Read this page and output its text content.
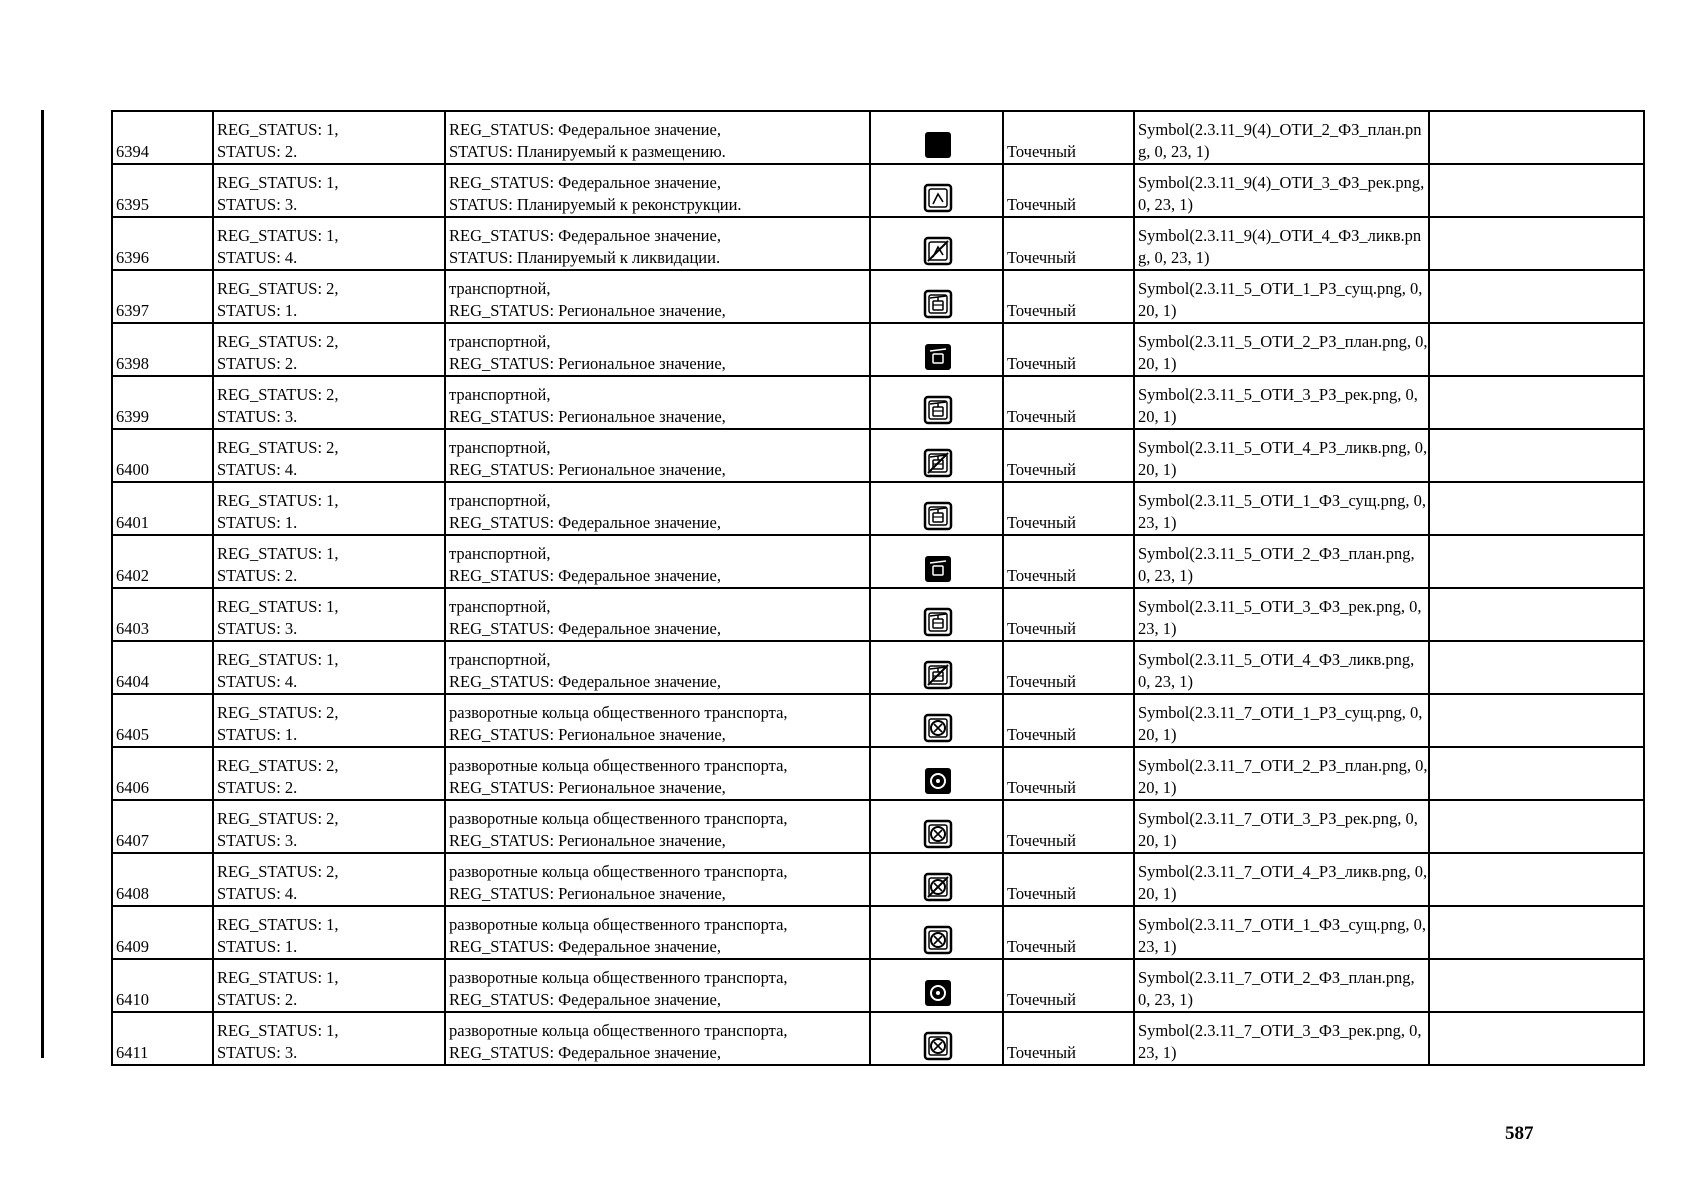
6394	REG_STATUS: 1,
STATUS: 2.	REG_STATUS: Федеральное значение,
STATUS: Планируемый к размещению.		Точечный	Symbol(2.3.11_9(4)_ОТИ_2_ФЗ_план.png, 0, 23, 1)	
6395	REG_STATUS: 1,
STATUS: 3.	REG_STATUS: Федеральное значение,
STATUS: Планируемый к реконструкции.		Точечный	Symbol(2.3.11_9(4)_ОТИ_3_ФЗ_рек.png, 0, 23, 1)	
6396	REG_STATUS: 1,
STATUS: 4.	REG_STATUS: Федеральное значение,
STATUS: Планируемый к ликвидации.		Точечный	Symbol(2.3.11_9(4)_ОТИ_4_ФЗ_ликв.png, 0, 23, 1)	
6397	REG_STATUS: 2,
STATUS: 1.	транспортной,
REG_STATUS: Региональное значение,		Точечный	Symbol(2.3.11_5_ОТИ_1_РЗ_сущ.png, 0, 20, 1)	
6398	REG_STATUS: 2,
STATUS: 2.	транспортной,
REG_STATUS: Региональное значение,		Точечный	Symbol(2.3.11_5_ОТИ_2_РЗ_план.png, 0, 20, 1)	
6399	REG_STATUS: 2,
STATUS: 3.	транспортной,
REG_STATUS: Региональное значение,		Точечный	Symbol(2.3.11_5_ОТИ_3_РЗ_рек.png, 0, 20, 1)	
6400	REG_STATUS: 2,
STATUS: 4.	транспортной,
REG_STATUS: Региональное значение,		Точечный	Symbol(2.3.11_5_ОТИ_4_РЗ_ликв.png, 0, 20, 1)	
6401	REG_STATUS: 1,
STATUS: 1.	транспортной,
REG_STATUS: Федеральное значение,		Точечный	Symbol(2.3.11_5_ОТИ_1_ФЗ_сущ.png, 0, 23, 1)	
6402	REG_STATUS: 1,
STATUS: 2.	транспортной,
REG_STATUS: Федеральное значение,		Точечный	Symbol(2.3.11_5_ОТИ_2_ФЗ_план.png, 0, 23, 1)	
6403	REG_STATUS: 1,
STATUS: 3.	транспортной,
REG_STATUS: Федеральное значение,		Точечный	Symbol(2.3.11_5_ОТИ_3_ФЗ_рек.png, 0, 23, 1)	
6404	REG_STATUS: 1,
STATUS: 4.	транспортной,
REG_STATUS: Федеральное значение,		Точечный	Symbol(2.3.11_5_ОТИ_4_ФЗ_ликв.png, 0, 23, 1)	
6405	REG_STATUS: 2,
STATUS: 1.	разворотные кольца общественного транспорта,
REG_STATUS: Региональное значение,		Точечный	Symbol(2.3.11_7_ОТИ_1_РЗ_сущ.png, 0, 20, 1)	
6406	REG_STATUS: 2,
STATUS: 2.	разворотные кольца общественного транспорта,
REG_STATUS: Региональное значение,		Точечный	Symbol(2.3.11_7_ОТИ_2_РЗ_план.png, 0, 20, 1)	
6407	REG_STATUS: 2,
STATUS: 3.	разворотные кольца общественного транспорта,
REG_STATUS: Региональное значение,		Точечный	Symbol(2.3.11_7_ОТИ_3_РЗ_рек.png, 0, 20, 1)	
6408	REG_STATUS: 2,
STATUS: 4.	разворотные кольца общественного транспорта,
REG_STATUS: Региональное значение,		Точечный	Symbol(2.3.11_7_ОТИ_4_РЗ_ликв.png, 0, 20, 1)	
6409	REG_STATUS: 1,
STATUS: 1.	разворотные кольца общественного транспорта,
REG_STATUS: Федеральное значение,		Точечный	Symbol(2.3.11_7_ОТИ_1_ФЗ_сущ.png, 0, 23, 1)	
6410	REG_STATUS: 1,
STATUS: 2.	разворотные кольца общественного транспорта,
REG_STATUS: Федеральное значение,		Точечный	Symbol(2.3.11_7_ОТИ_2_ФЗ_план.png, 0, 23, 1)	
6411	REG_STATUS: 1,
STATUS: 3.	разворотные кольца общественного транспорта,
REG_STATUS: Федеральное значение,		Точечный	Symbol(2.3.11_7_ОТИ_3_ФЗ_рек.png, 0, 23, 1)	
587
